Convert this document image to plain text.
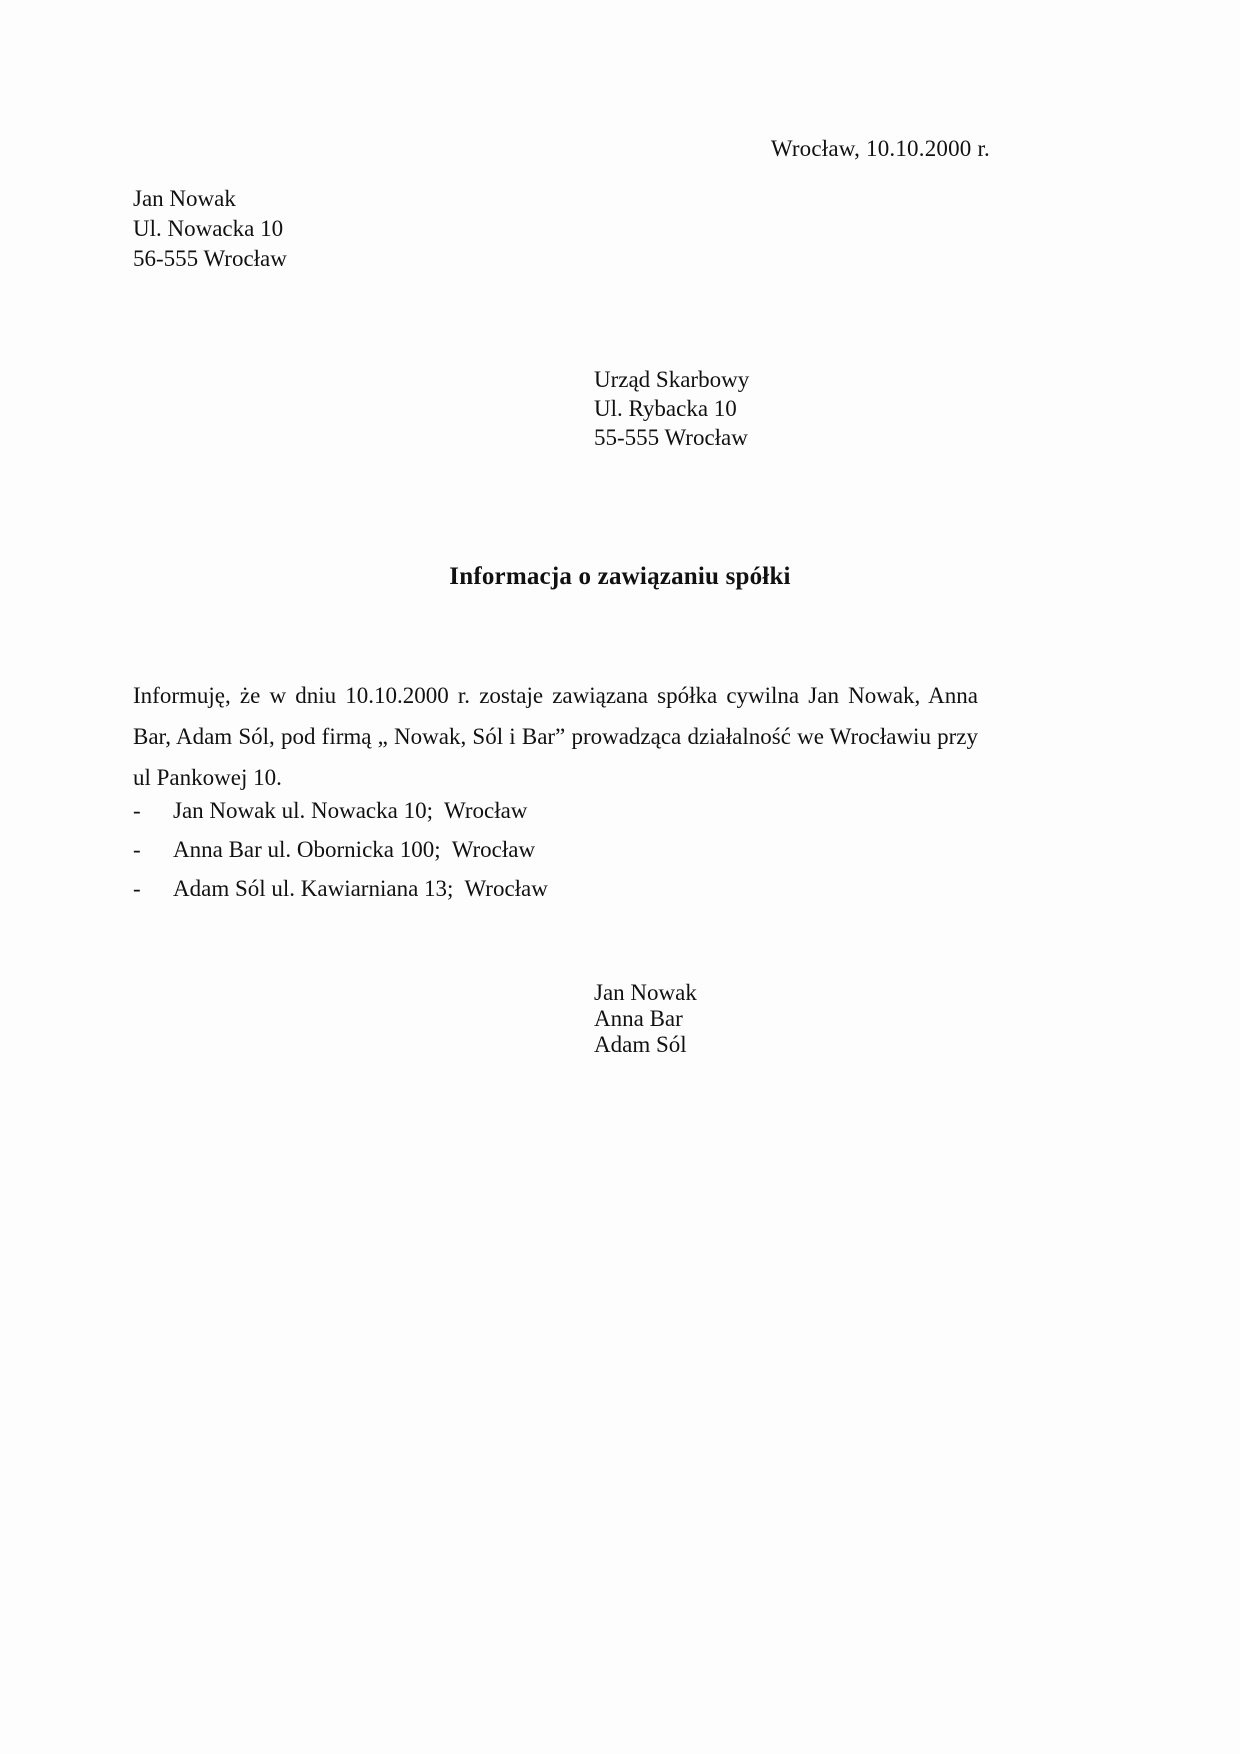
Wrocław, 10.10.2000 r.
Jan Nowak
Ul. Nowacka 10
56-555 Wrocław
Urząd Skarbowy
Ul. Rybacka 10
55-555 Wrocław
Informacja o zawiązaniu spółki
Informuję, że w dniu 10.10.2000 r. zostaje zawiązana spółka cywilna Jan Nowak, Anna Bar, Adam Sól, pod firmą „ Nowak, Sól i Bar” prowadząca działalność we Wrocławiu przy ul Pankowej 10.
-	Jan Nowak ul. Nowacka 10;  Wrocław
-	Anna Bar ul. Obornicka 100;  Wrocław
-	Adam Sól ul. Kawiarniana 13;  Wrocław
Jan Nowak
Anna Bar
Adam Sól
